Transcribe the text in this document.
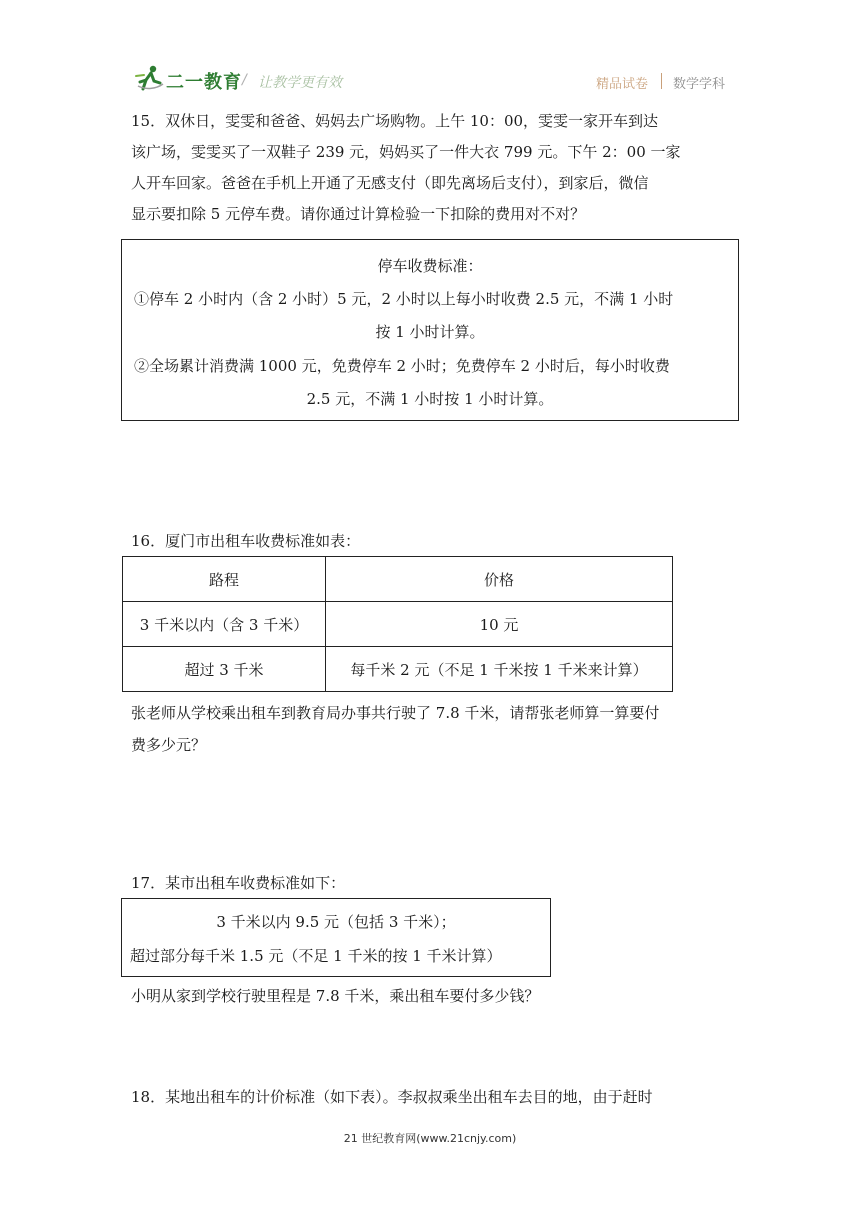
二一教育 / 让教学更有效	精品试卷 数学学科
15．双休日，雯雯和爸爸、妈妈去广场购物。上午 10：00，雯雯一家开车到达
该广场，雯雯买了一双鞋子 239 元，妈妈买了一件大衣 799 元。下午 2：00 一家
人开车回家。爸爸在手机上开通了无感支付（即先离场后支付），到家后，微信
显示要扣除 5 元停车费。请你通过计算检验一下扣除的费用对不对？
停车收费标准：
①停车 2 小时内（含 2 小时）5 元，2 小时以上每小时收费 2.5 元，不满 1 小时
按 1 小时计算。
②全场累计消费满 1000 元，免费停车 2 小时；免费停车 2 小时后，每小时收费
2.5 元，不满 1 小时按 1 小时计算。
16．厦门市出租车收费标准如表：
路程	价格
3 千米以内（含 3 千米）	10 元
超过 3 千米	每千米 2 元（不足 1 千米按 1 千米来计算）
张老师从学校乘出租车到教育局办事共行驶了 7.8 千米，请帮张老师算一算要付
费多少元？
17．某市出租车收费标准如下：
3 千米以内 9.5 元（包括 3 千米）；
超过部分每千米 1.5 元（不足 1 千米的按 1 千米计算）
小明从家到学校行驶里程是 7.8 千米，乘出租车要付多少钱？
18．某地出租车的计价标准（如下表）。李叔叔乘坐出租车去目的地，由于赶时
21 世纪教育网(www.21cnjy.com)
